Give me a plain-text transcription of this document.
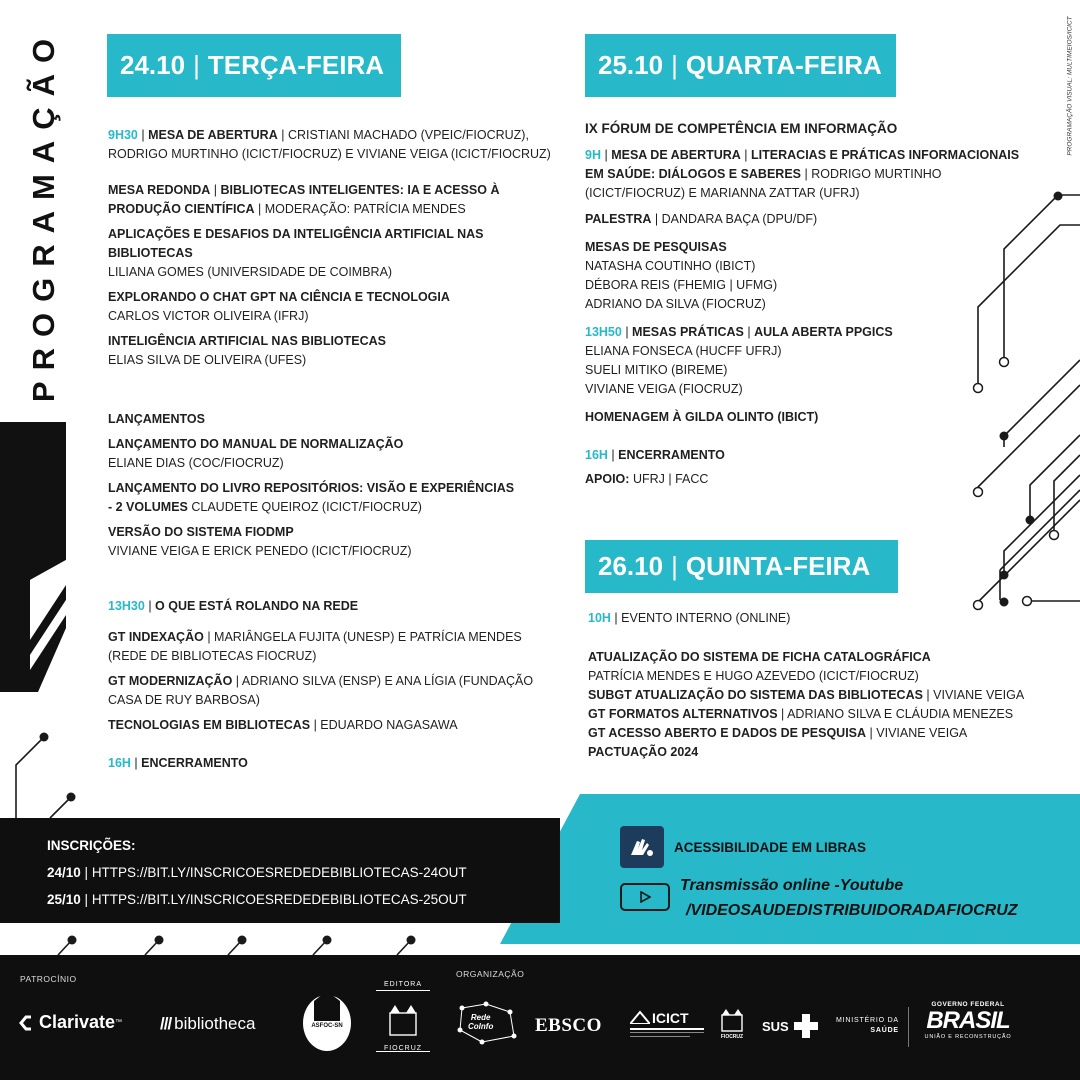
PROGRAMAÇÃO	PROGRAMAÇÃO VISUAL: MULTIMEIOS/ICICT
24.10 | TERÇA-FEIRA
9H30 | MESA DE ABERTURA | CRISTIANI MACHADO (VPEIC/FIOCRUZ),
RODRIGO MURTINHO (ICICT/FIOCRUZ) E VIVIANE VEIGA (ICICT/FIOCRUZ)
MESA REDONDA | BIBLIOTECAS INTELIGENTES: IA E ACESSO À
PRODUÇÃO CIENTÍFICA | MODERAÇÃO: PATRÍCIA MENDES
APLICAÇÕES E DESAFIOS DA INTELIGÊNCIA ARTIFICIAL NAS BIBLIOTECAS
LILIANA GOMES (UNIVERSIDADE DE COIMBRA)
EXPLORANDO O CHAT GPT NA CIÊNCIA E TECNOLOGIA
CARLOS VICTOR OLIVEIRA (IFRJ)
INTELIGÊNCIA ARTIFICIAL NAS BIBLIOTECAS
ELIAS SILVA DE OLIVEIRA (UFES)
LANÇAMENTOS
LANÇAMENTO DO MANUAL DE NORMALIZAÇÃO
ELIANE DIAS (COC/FIOCRUZ)
LANÇAMENTO DO LIVRO REPOSITÓRIOS: VISÃO E EXPERIÊNCIAS
- 2 VOLUMES CLAUDETE QUEIROZ (ICICT/FIOCRUZ)
VERSÃO DO SISTEMA FIODMP
VIVIANE VEIGA E ERICK PENEDO (ICICT/FIOCRUZ)
13H30 | O QUE ESTÁ ROLANDO NA REDE
GT INDEXAÇÃO | MARIÂNGELA FUJITA (UNESP) E PATRÍCIA MENDES
(REDE DE BIBLIOTECAS FIOCRUZ)
GT MODERNIZAÇÃO | ADRIANO SILVA (ENSP) E ANA LÍGIA (FUNDAÇÃO
CASA DE RUY BARBOSA)
TECNOLOGIAS EM BIBLIOTECAS | EDUARDO NAGASAWA
16H | ENCERRAMENTO
25.10 | QUARTA-FEIRA
IX FÓRUM DE COMPETÊNCIA EM INFORMAÇÃO
9H | MESA DE ABERTURA | LITERACIAS E PRÁTICAS INFORMACIONAIS
EM SAÚDE: DIÁLOGOS E SABERES | RODRIGO MURTINHO
(ICICT/FIOCRUZ) E MARIANNA ZATTAR (UFRJ)
PALESTRA | DANDARA BAÇA (DPU/DF)
MESAS DE PESQUISAS
NATASHA COUTINHO (IBICT)
DÉBORA REIS (FHEMIG | UFMG)
ADRIANO DA SILVA (FIOCRUZ)
13H50 | MESAS PRÁTICAS | AULA ABERTA PPGICS
ELIANA FONSECA (HUCFF UFRJ)
SUELI MITIKO (BIREME)
VIVIANE VEIGA (FIOCRUZ)
HOMENAGEM À GILDA OLINTO (IBICT)
16H | ENCERRAMENTO
APOIO: UFRJ | FACC
26.10 | QUINTA-FEIRA
10H | EVENTO INTERNO (ONLINE)
ATUALIZAÇÃO DO SISTEMA DE FICHA CATALOGRÁFICA
PATRÍCIA MENDES E HUGO AZEVEDO (ICICT/FIOCRUZ)
SUBGT ATUALIZAÇÃO DO SISTEMA DAS BIBLIOTECAS | VIVIANE VEIGA
GT FORMATOS ALTERNATIVOS | ADRIANO SILVA E CLÁUDIA MENEZES
GT ACESSO ABERTO E DADOS DE PESQUISA | VIVIANE VEIGA
PACTUAÇÃO 2024
INSCRIÇÕES:
24/10 | HTTPS://BIT.LY/INSCRICOESREDEDEBIBLIOTECAS-24OUT
25/10 | HTTPS://BIT.LY/INSCRICOESREDEDEBIBLIOTECAS-25OUT
ACESSIBILIDADE EM LIBRAS
Transmissão online -Youtube
/VIDEOSAUDEDISTRIBUIDORADAFIOCRUZ
PATROCÍNIO	ORGANIZAÇÃO
Clarivate ™ /// bibliotheca	ASFOC-SN
EDITORA
FIOCRUZ
Rede
Colnfo EBSCO	ICICT
FIOCRUZ
SUS	MINISTÉRIO DA
SAÚDE
GOVERNO FEDERAL
BRASIL
UNIÃO E RECONSTRUÇÃO
